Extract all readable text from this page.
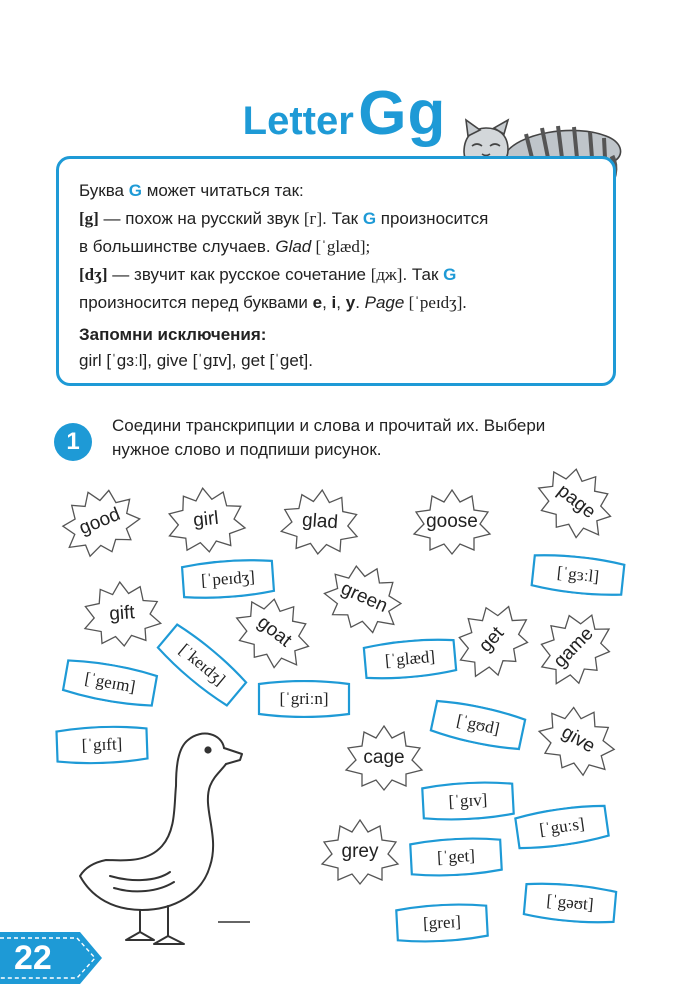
Letter Gg
Буква G может читаться так:
[g] — похож на русский звук [г]. Так G произносится
в большинстве случаев. Glad [ˈglæd];
[dʒ] — звучит как русское сочетание [дж]. Так G
произносится перед буквами e, i, y. Page [ˈpeɪdʒ].
Запомни исключения:
girl [ˈgɜːl], give [ˈgɪv], get [ˈget].
1
Соедини транскрипции и слова и прочитай их. Выбери
нужное слово и подпиши рисунок.
good	girl	glad	goose	page
gift	green
goat	get	game
cage
give
grey
[ˈpeɪdʒ]	[ˈgɜːl]
[ˈkeɪdʒ]
[ˈgeɪm]
[ˈgriːn]
[ˈglæd]
[ˈgʊd]
[ˈgɪft]
[ˈgɪv]
[ˈguːs]
[ˈget]
[greɪ]
[ˈgəʊt]
22
